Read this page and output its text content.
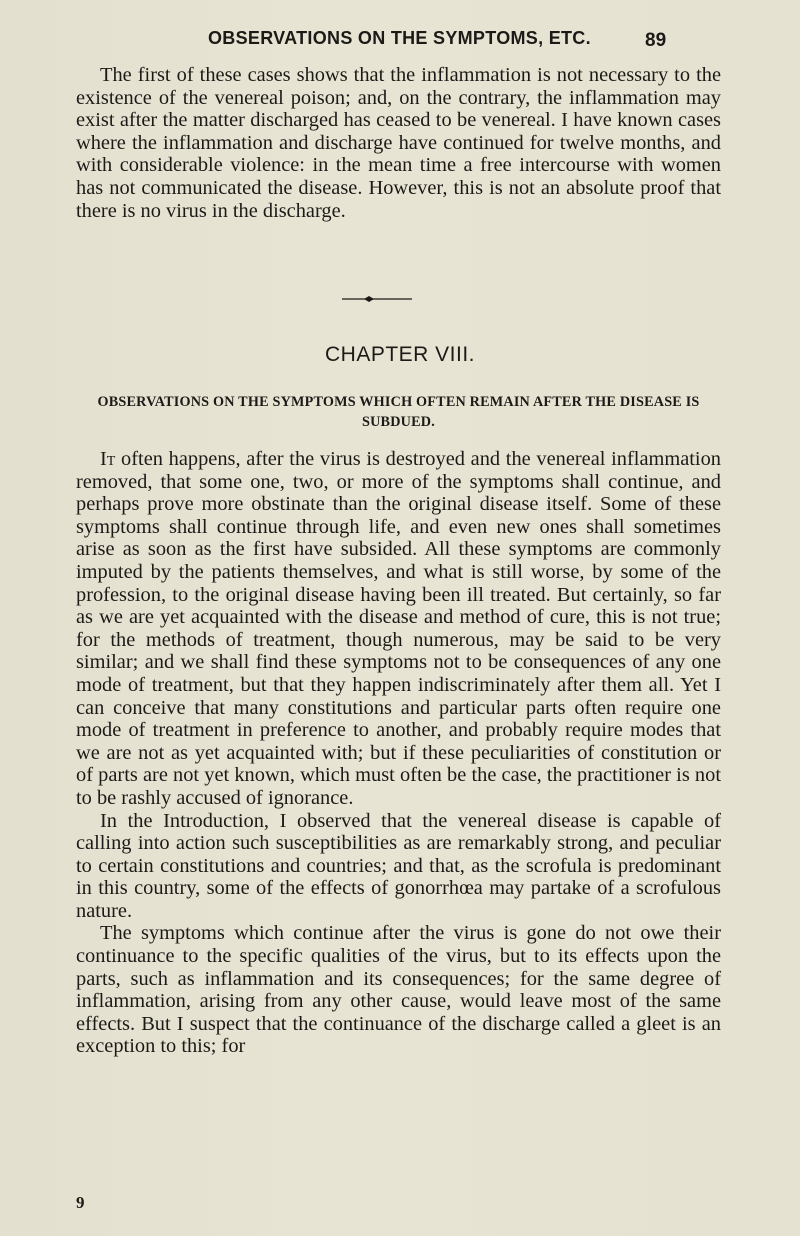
OBSERVATIONS ON THE SYMPTOMS, ETC.	89

The first of these cases shows that the inflammation is not necessary to the existence of the venereal poison; and, on the contrary, the inflammation may exist after the matter discharged has ceased to be venereal. I have known cases where the inflammation and discharge have continued for twelve months, and with considerable violence: in the mean time a free intercourse with women has not communicated the disease. However, this is not an absolute proof that there is no virus in the discharge.

CHAPTER VIII.
OBSERVATIONS ON THE SYMPTOMS WHICH OFTEN REMAIN AFTER THE DISEASE IS SUBDUED.

It often happens, after the virus is destroyed and the venereal inflammation removed, that some one, two, or more of the symptoms shall continue, and perhaps prove more obstinate than the original disease itself. Some of these symptoms shall continue through life, and even new ones shall sometimes arise as soon as the first have subsided. All these symptoms are commonly imputed by the patients themselves, and what is still worse, by some of the profession, to the original disease having been ill treated. But certainly, so far as we are yet acquainted with the disease and method of cure, this is not true; for the methods of treatment, though numerous, may be said to be very similar; and we shall find these symptoms not to be consequences of any one mode of treatment, but that they happen indiscriminately after them all. Yet I can conceive that many constitutions and particular parts often require one mode of treatment in preference to another, and probably require modes that we are not as yet acquainted with; but if these peculiarities of constitution or of parts are not yet known, which must often be the case, the practitioner is not to be rashly accused of ignorance.

In the Introduction, I observed that the venereal disease is capable of calling into action such susceptibilities as are remarkably strong, and peculiar to certain constitutions and countries; and that, as the scrofula is predominant in this country, some of the effects of gonorrhœa may partake of a scrofulous nature.

The symptoms which continue after the virus is gone do not owe their continuance to the specific qualities of the virus, but to its effects upon the parts, such as inflammation and its consequences; for the same degree of inflammation, arising from any other cause, would leave most of the same effects. But I suspect that the continuance of the discharge called a gleet is an exception to this; for

9
